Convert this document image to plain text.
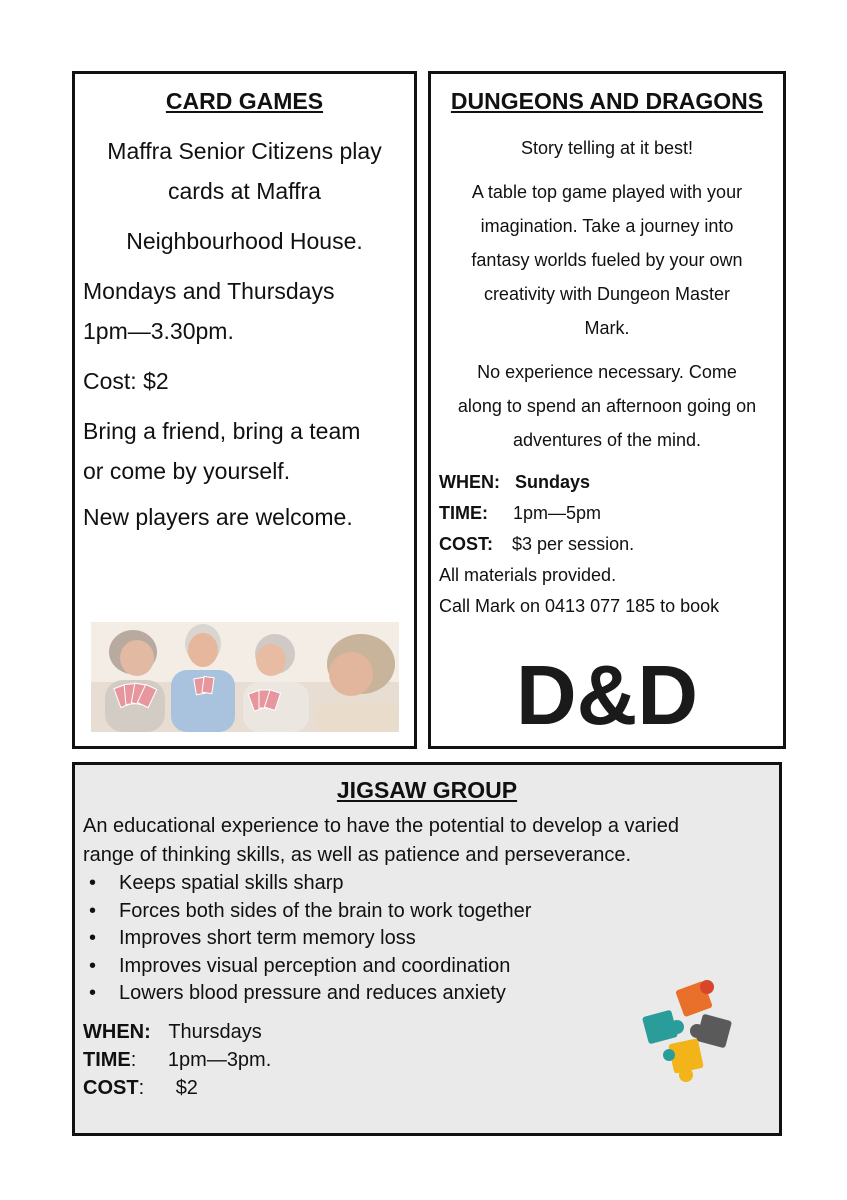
CARD GAMES

Maffra Senior Citizens play
cards at Maffra

Neighbourhood House.

Mondays and Thursdays
1pm—3.30pm.

Cost: $2

Bring a friend, bring a team
or come by yourself.

New players are welcome.

DUNGEONS AND DRAGONS

Story telling at it best!

A table top game played with your
imagination. Take a journey into
fantasy worlds fueled by your own
creativity with Dungeon Master
Mark.

No experience necessary. Come
along to spend an afternoon going on
adventures of the mind.

WHEN: Sundays
TIME: 1pm—5pm
COST: $3 per session.
All materials provided.
Call Mark on 0413 077 185 to book
D&D
JIGSAW GROUP

An educational experience to have the potential to develop a varied
range of thinking skills, as well as patience and perseverance.

• Keeps spatial skills sharp
• Forces both sides of the brain to work together
• Improves short term memory loss
• Improves visual perception and coordination
• Lowers blood pressure and reduces anxiety
WHEN: Thursdays
TIME: 1pm—3pm.
COST: $2
